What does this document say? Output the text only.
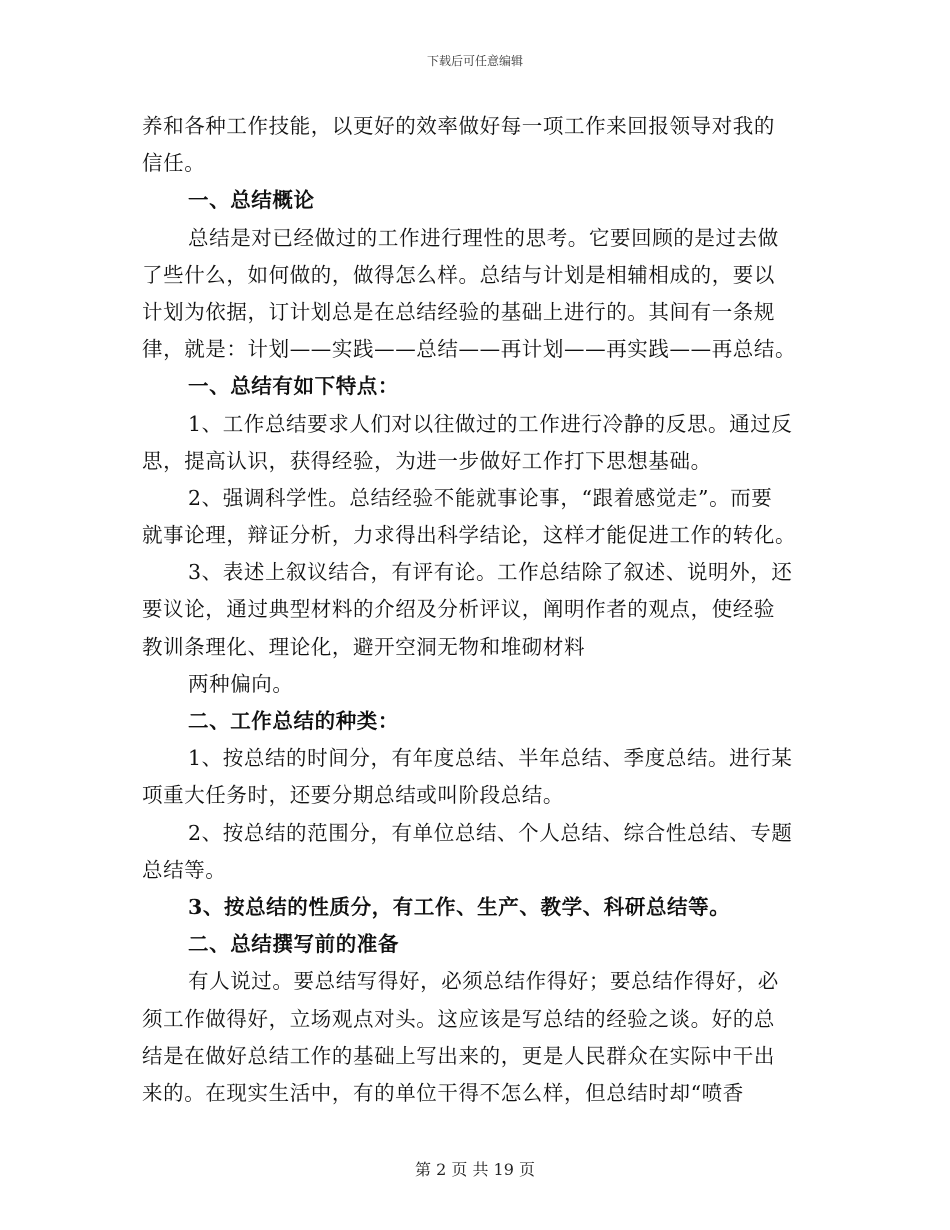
下载后可任意编辑
养和各种工作技能，以更好的效率做好每一项工作来回报领导对我的
信任。
一、总结概论
总结是对已经做过的工作进行理性的思考。它要回顾的是过去做
了些什么，如何做的，做得怎么样。总结与计划是相辅相成的，要以
计划为依据，订计划总是在总结经验的基础上进行的。其间有一条规
律，就是：计划——实践——总结——再计划——再实践——再总结。
一、总结有如下特点：
1、工作总结要求人们对以往做过的工作进行冷静的反思。通过反
思，提高认识，获得经验，为进一步做好工作打下思想基础。
2、强调科学性。总结经验不能就事论事，“跟着感觉走”。而要
就事论理，辩证分析，力求得出科学结论，这样才能促进工作的转化。
3、表述上叙议结合，有评有论。工作总结除了叙述、说明外，还
要议论，通过典型材料的介绍及分析评议，阐明作者的观点，使经验
教训条理化、理论化，避开空洞无物和堆砌材料
两种偏向。
二、工作总结的种类：
1、按总结的时间分，有年度总结、半年总结、季度总结。进行某
项重大任务时，还要分期总结或叫阶段总结。
2、按总结的范围分，有单位总结、个人总结、综合性总结、专题
总结等。
3、按总结的性质分，有工作、生产、教学、科研总结等。
二、总结撰写前的准备
有人说过。要总结写得好，必须总结作得好；要总结作得好，必
须工作做得好，立场观点对头。这应该是写总结的经验之谈。好的总
结是在做好总结工作的基础上写出来的，更是人民群众在实际中干出
来的。在现实生活中，有的单位干得不怎么样，但总结时却“喷香
第 2 页 共 19 页
